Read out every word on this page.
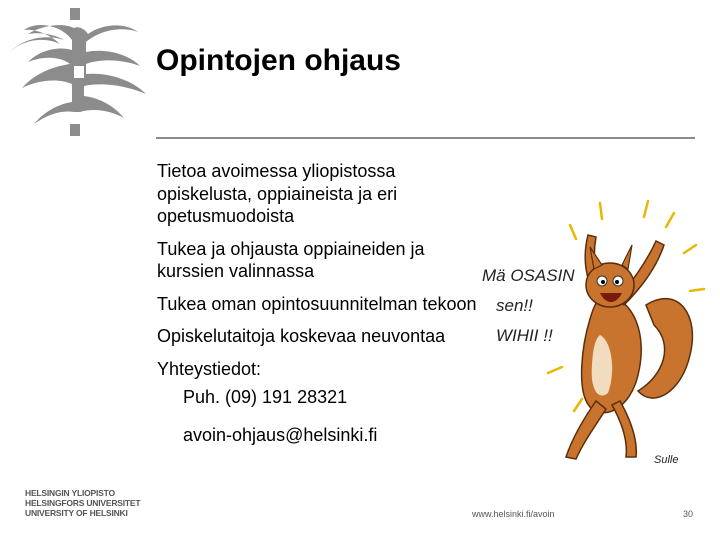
Opintojen ohjaus
Tietoa avoimessa yliopistossa opiskelusta, oppiaineista ja eri opetusmuodoista
Tukea ja ohjausta oppiaineiden ja kurssien valinnassa
Tukea oman opintosuunnitelman tekoon
Opiskelutaitoja koskevaa neuvontaa
Yhteystiedot:
Puh. (09) 191 28321
avoin-ohjaus@helsinki.fi
Mä OSASIN
sen!!
WIHII !!
Sulle
HELSINGIN YLIOPISTO
HELSINGFORS UNIVERSITET
UNIVERSITY OF HELSINKI	www.helsinki.fi/avoin	30
